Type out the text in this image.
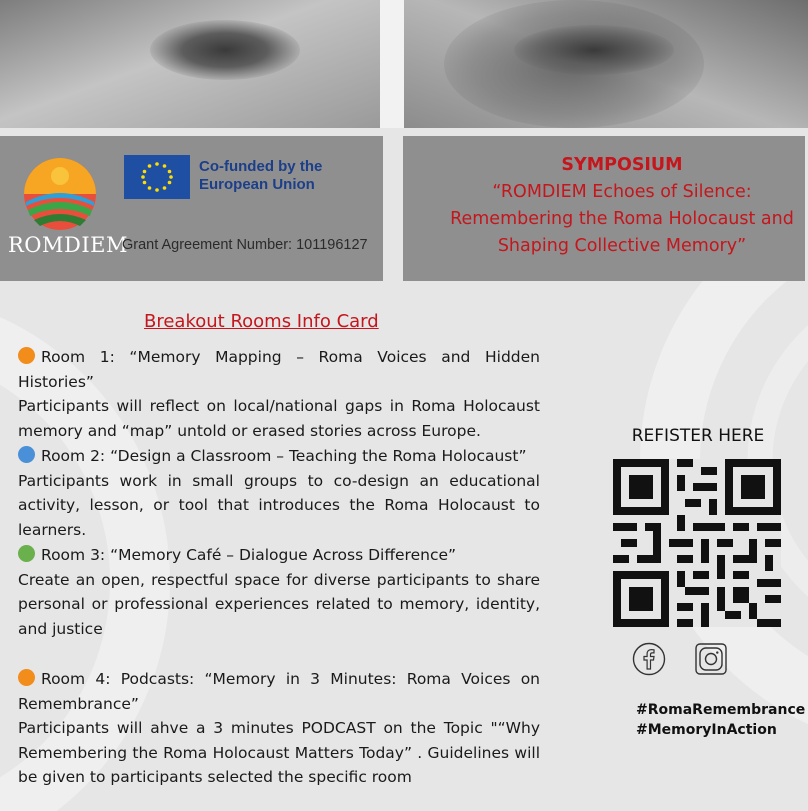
ROMDIEM
Co-funded by the European Union
Grant Agreement Number: 101196127
SYMPOSIUM
“ROMDIEM Echoes of Silence:
Remembering the Roma Holocaust and
Shaping Collective Memory”
Breakout Rooms Info Card
Room 1: “Memory Mapping – Roma Voices and Hidden Histories”
Participants will reflect on local/national gaps in Roma Holocaust memory and “map” untold or erased stories across Europe.
Room 2: “Design a Classroom – Teaching the Roma Holocaust”
Participants work in small groups to co-design an educational activity, lesson, or tool that introduces the Roma Holocaust to learners.
Room 3: “Memory Café – Dialogue Across Difference”
Create an open, respectful space for diverse participants to share personal or professional experiences related to memory, identity, and justice
Room 4: Podcasts: “Memory in 3 Minutes: Roma Voices on Remembrance”
Participants will ahve a 3 minutes PODCAST on the Topic "“Why Remembering the Roma Holocaust Matters Today” . Guidelines will be given to participants selected the specific room
REFISTER HERE
#RomaRemembrance
#MemoryInAction
